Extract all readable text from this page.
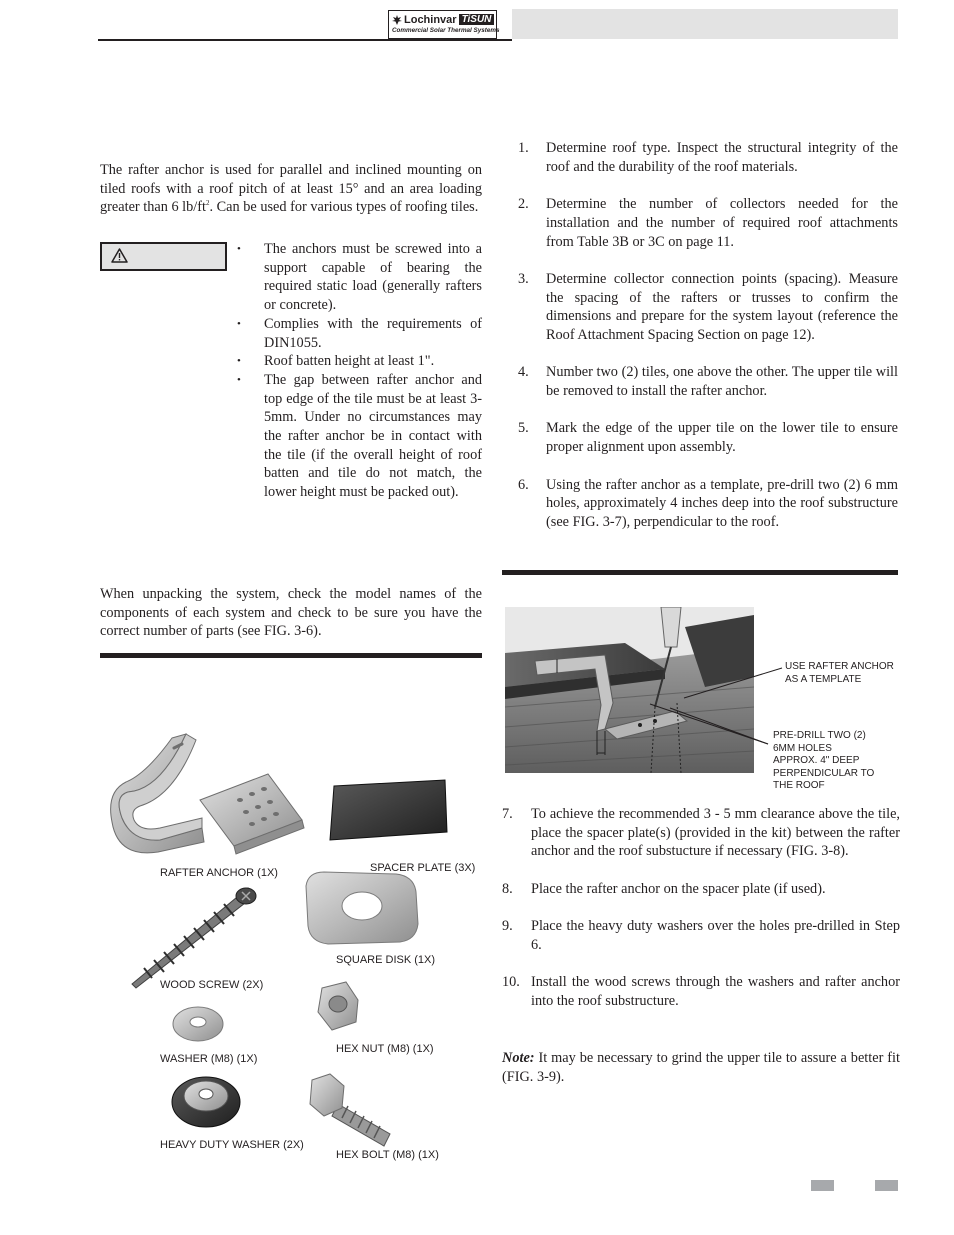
Lochinvar TiSUN
Commercial Solar Thermal Systems

The rafter anchor is used for parallel and inclined mounting on tiled roofs with a roof pitch of at least 15° and an area loading greater than 6 $lb/ft^2$. Can be used for various types of roofing tiles.

• The anchors must be screwed into a support capable of bearing the required static load (generally rafters or concrete).
• Complies with the requirements of DIN1055.
• Roof batten height at least 1".
• The gap between rafter anchor and top edge of the tile must be at least 3-5mm. Under no circumstances may the rafter anchor be in contact with the tile (if the overall height of roof batten and tile do not match, the lower height must be packed out).

When unpacking the system, check the model names of the components of each system and check to be sure you have the correct number of parts (see FIG. 3-6).

RAFTER ANCHOR (1X)	SPACER PLATE (3X)
WOOD SCREW (2X)
SQUARE DISK (1X)
WASHER (M8) (1X)
HEX NUT (M8) (1X)
HEAVY DUTY WASHER (2X)
HEX BOLT (M8) (1X)
1. Determine roof type. Inspect the structural integrity of the roof and the durability of the roof materials.
2. Determine the number of collectors needed for the installation and the number of required roof attachments from Table 3B or 3C on page 11.
3. Determine collector connection points (spacing). Measure the spacing of the rafters or trusses to confirm the dimensions and prepare for the system layout (reference the Roof Attachment Spacing Section on page 12).
4. Number two (2) tiles, one above the other. The upper tile will be removed to install the rafter anchor.
5. Mark the edge of the upper tile on the lower tile to ensure proper alignment upon assembly.
6. Using the rafter anchor as a template, pre-drill two (2) 6 mm holes, approximately 4 inches deep into the roof substructure (see FIG. 3-7), perpendicular to the roof.
USE RAFTER ANCHOR
AS A TEMPLATE
PRE-DRILL TWO (2)
6MM HOLES
APPROX. 4" DEEP
PERPENDICULAR TO
THE ROOF
7. To achieve the recommended 3 - 5 mm clearance above the tile, place the spacer plate(s) (provided in the kit) between the rafter anchor and the roof substucture if necessary (FIG. 3-8).
8. Place the rafter anchor on the spacer plate (if used).
9. Place the heavy duty washers over the holes pre-drilled in Step 6.
10. Install the wood screws through the washers and rafter anchor into the roof substructure.

Note: It may be necessary to grind the upper tile to assure a better fit (FIG. 3-9).
